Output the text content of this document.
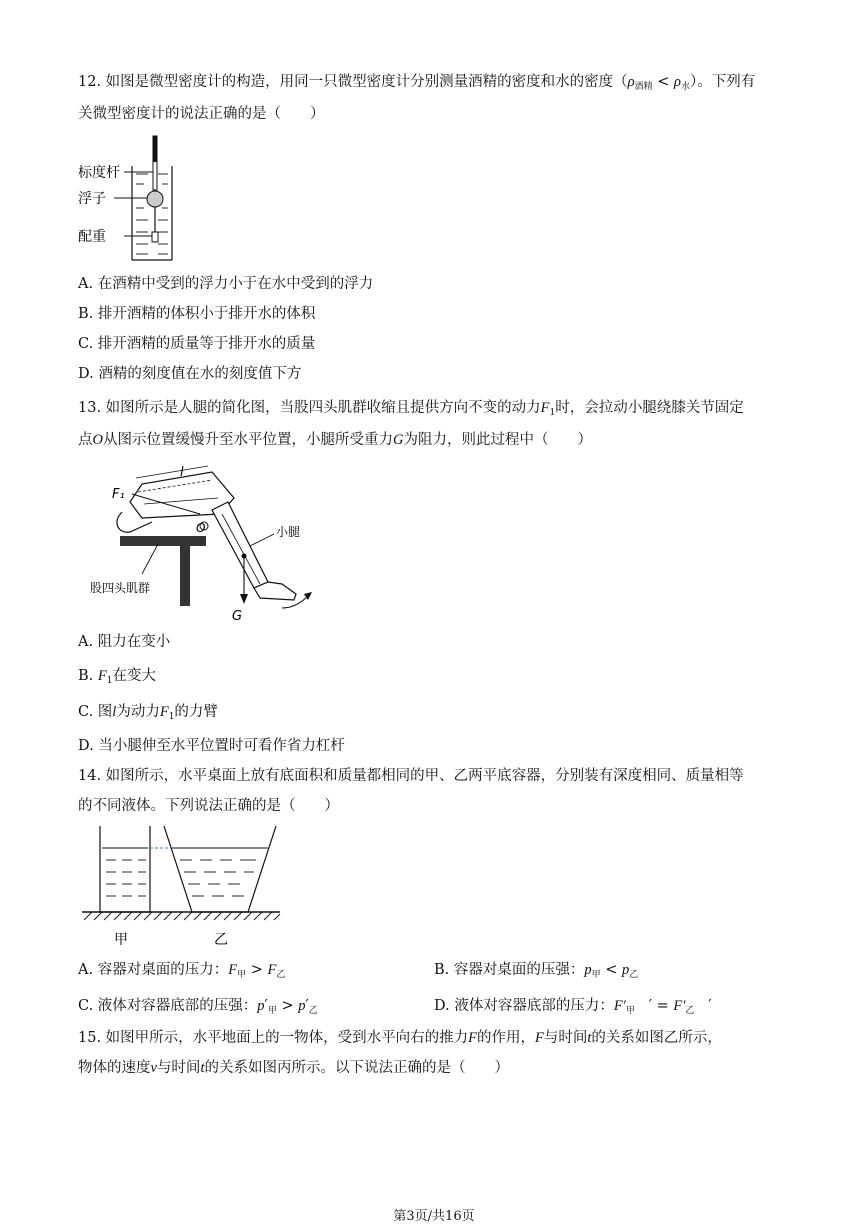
12. 如图是微型密度计的构造，用同一只微型密度计分别测量酒精的密度和水的密度$(\rho_{酒精} < \rho_水)$。下列有
关微型密度计的说法正确的是（　　）
标度杆
浮子
配重
A. 在酒精中受到的浮力小于在水中受到的浮力
B. 排开酒精的体积小于排开水的体积
C. 排开酒精的质量等于排开水的质量
D. 酒精的刻度值在水的刻度值下方
13. 如图所示是人腿的简化图，当股四头肌群收缩且提供方向不变的动力$F_1$时，会拉动小腿绕膝关节固定
点O从图示位置缓慢升至水平位置，小腿所受重力G为阻力，则此过程中（　　）
l
F₁
O	小腿
股四头肌群
G
A. 阻力在变小
B. $F_1$在变大
C. 图l为动力$F_1$的力臂
D. 当小腿伸至水平位置时可看作省力杠杆
14. 如图所示，水平桌面上放有底面积和质量都相同的甲、乙两平底容器，分别装有深度相同、质量相等
的不同液体。下列说法正确的是（　　）
甲	乙
A. 容器对桌面的压力：$F_甲 > F_乙$	B. 容器对桌面的压强：$p_甲 < p_乙$
C. 液体对容器底部的压强：$p'_甲 > p'_乙$	D. 液体对容器底部的压力：$F'_甲$ ′ = $F'_乙$ ′
15. 如图甲所示，水平地面上的一物体，受到水平向右的推力F的作用，F与时间t的关系如图乙所示，
物体的速度v与时间t的关系如图丙所示。以下说法正确的是（　　）
第3页/共16页
